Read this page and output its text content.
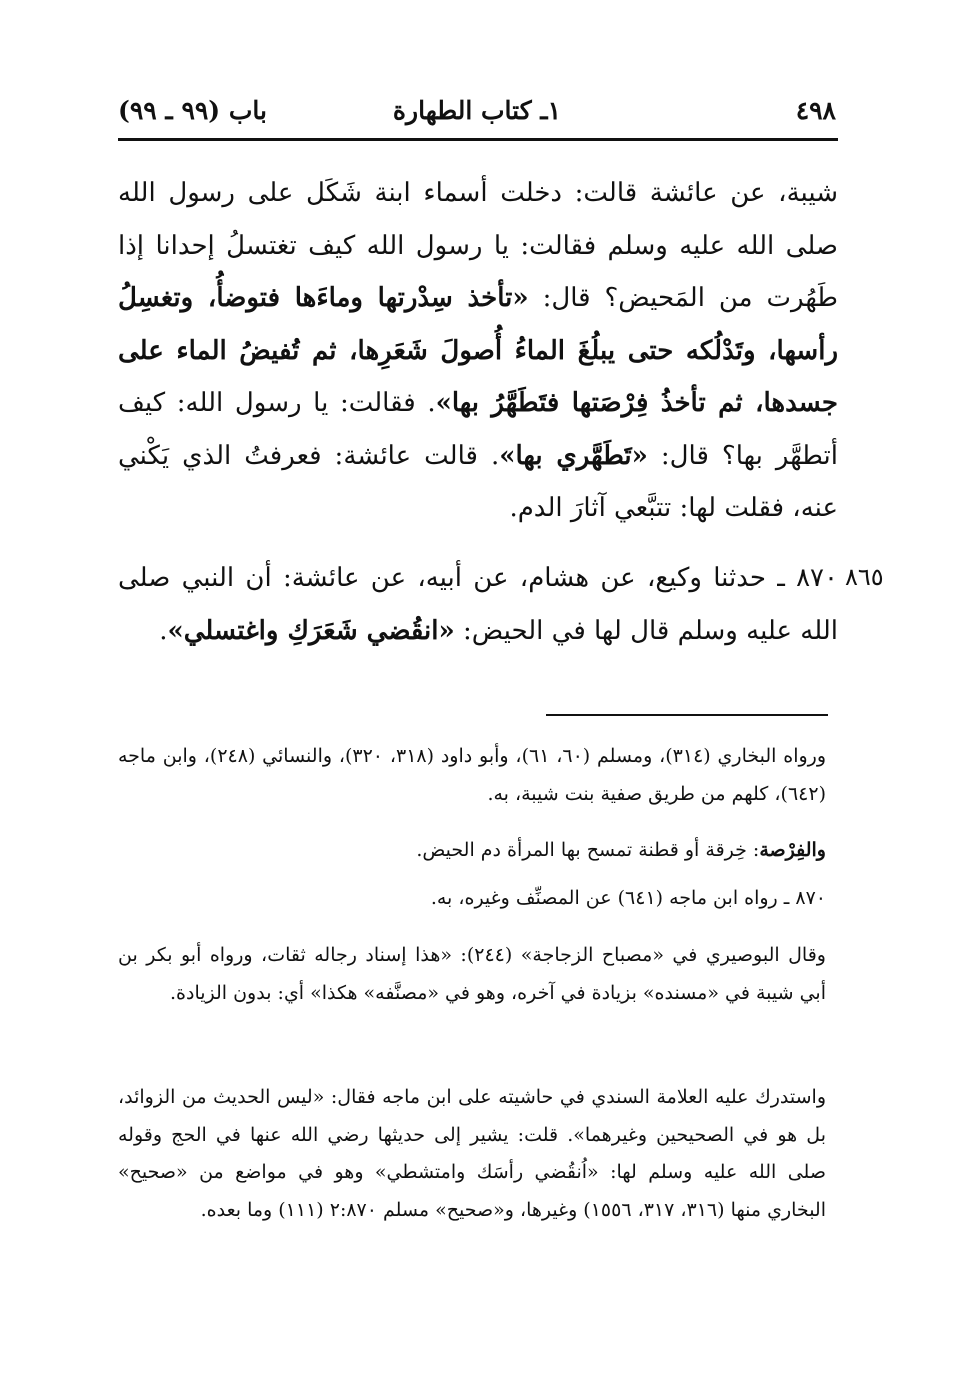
٤٩٨
١ـ كتاب الطهارة
باب (٩٩ ـ ٩٩)
شيبة، عن عائشة قالت: دخلت أسماء ابنة شَكَل على رسول الله صلى الله عليه وسلم فقالت: يا رسول الله كيف تغتسلُ إحدانا إذا طَهُرت من المَحيض؟ قال: «تأخذ سِدْرتها وماءَها فتوضأُ، وتغسِلُ رأسها، وتَدْلُكه حتى يبلُغَ الماءُ أُصولَ شَعَرِها، ثم تُفيضُ الماء على جسدها، ثم تأخذُ فِرْصَتها فتَطَهَّرُ بها». فقالت: يا رسول الله: كيف أتطهَّر بها؟ قال: «تَطَهَّري بها». قالت عائشة: فعرفتُ الذي يَكْني عنه، فقلت لها: تتبَّعي آثارَ الدم.
٨٦٥
٨٧٠ ـ حدثنا وكيع، عن هشام، عن أبيه، عن عائشة: أن النبي صلى الله عليه وسلم قال لها في الحيض: «انقُضي شَعَرَكِ واغتسلي».
ورواه البخاري (٣١٤)، ومسلم (٦٠، ٦١)، وأبو داود (٣١٨، ٣٢٠)، والنسائي (٢٤٨)، وابن ماجه (٦٤٢)، كلهم من طريق صفية بنت شيبة، به.
والفِرْصة: خِرقة أو قطنة تمسح بها المرأة دم الحيض.
٨٧٠ ـ رواه ابن ماجه (٦٤١) عن المصنِّف وغيره، به.
وقال البوصيري في «مصباح الزجاجة» (٢٤٤): «هذا إسناد رجاله ثقات، ورواه أبو بكر بن أبي شيبة في «مسنده» بزيادة في آخره، وهو في «مصنَّفه» هكذا» أي: بدون الزيادة.
واستدرك عليه العلامة السندي في حاشيته على ابن ماجه فقال: «ليس الحديث من الزوائد، بل هو في الصحيحين وغيرهما». قلت: يشير إلى حديثها رضي الله عنها في الحج وقوله صلى الله عليه وسلم لها: «اُنقُضي رأسَك وامتشطي» وهو في مواضع من «صحيح» البخاري منها (٣١٦، ٣١٧، ١٥٥٦) وغيرها، و«صحيح» مسلم ٢:٨٧٠ (١١١) وما بعده.
